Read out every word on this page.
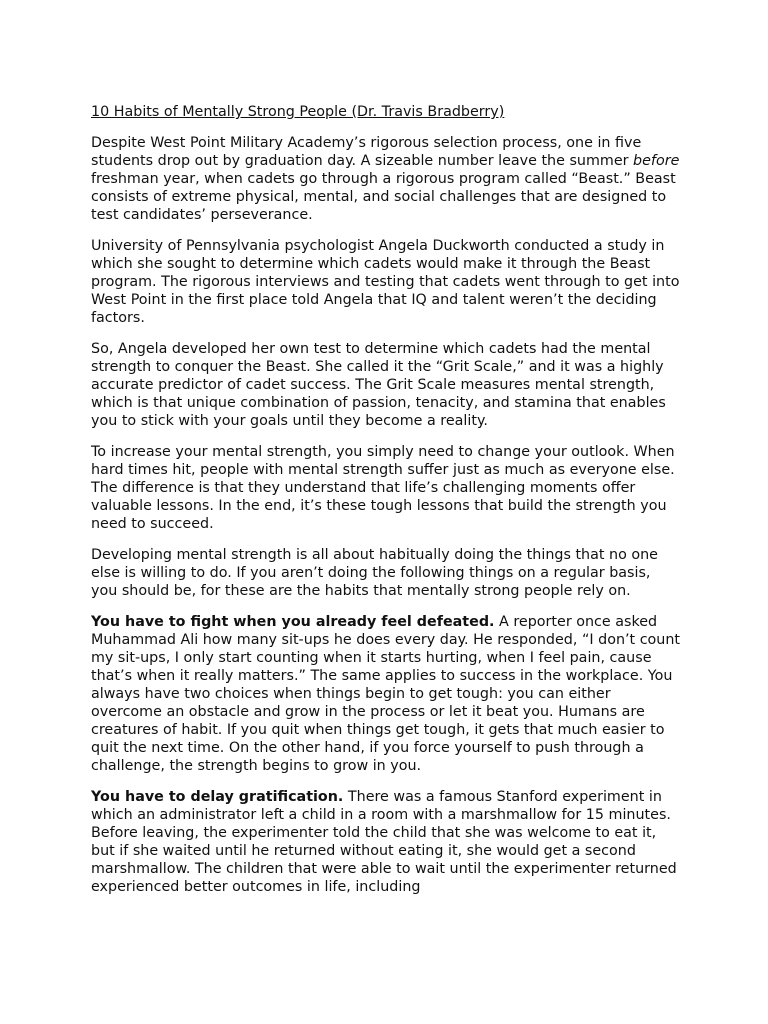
10 Habits of Mentally Strong People (Dr. Travis Bradberry)

Despite West Point Military Academy’s rigorous selection process, one in five students drop out by graduation day. A sizeable number leave the summer before freshman year, when cadets go through a rigorous program called “Beast.” Beast consists of extreme physical, mental, and social challenges that are designed to test candidates’ perseverance.

University of Pennsylvania psychologist Angela Duckworth conducted a study in which she sought to determine which cadets would make it through the Beast program. The rigorous interviews and testing that cadets went through to get into West Point in the first place told Angela that IQ and talent weren’t the deciding factors.

So, Angela developed her own test to determine which cadets had the mental strength to conquer the Beast. She called it the “Grit Scale,” and it was a highly accurate predictor of cadet success. The Grit Scale measures mental strength, which is that unique combination of passion, tenacity, and stamina that enables you to stick with your goals until they become a reality.

To increase your mental strength, you simply need to change your outlook. When hard times hit, people with mental strength suffer just as much as everyone else. The difference is that they understand that life’s challenging moments offer valuable lessons. In the end, it’s these tough lessons that build the strength you need to succeed.

Developing mental strength is all about habitually doing the things that no one else is willing to do. If you aren’t doing the following things on a regular basis, you should be, for these are the habits that mentally strong people rely on.

You have to fight when you already feel defeated. A reporter once asked Muhammad Ali how many sit-ups he does every day. He responded, “I don’t count my sit-ups, I only start counting when it starts hurting, when I feel pain, cause that’s when it really matters.” The same applies to success in the workplace. You always have two choices when things begin to get tough: you can either overcome an obstacle and grow in the process or let it beat you. Humans are creatures of habit. If you quit when things get tough, it gets that much easier to quit the next time. On the other hand, if you force yourself to push through a challenge, the strength begins to grow in you.

You have to delay gratification. There was a famous Stanford experiment in which an administrator left a child in a room with a marshmallow for 15 minutes. Before leaving, the experimenter told the child that she was welcome to eat it, but if she waited until he returned without eating it, she would get a second marshmallow. The children that were able to wait until the experimenter returned experienced better outcomes in life, including
